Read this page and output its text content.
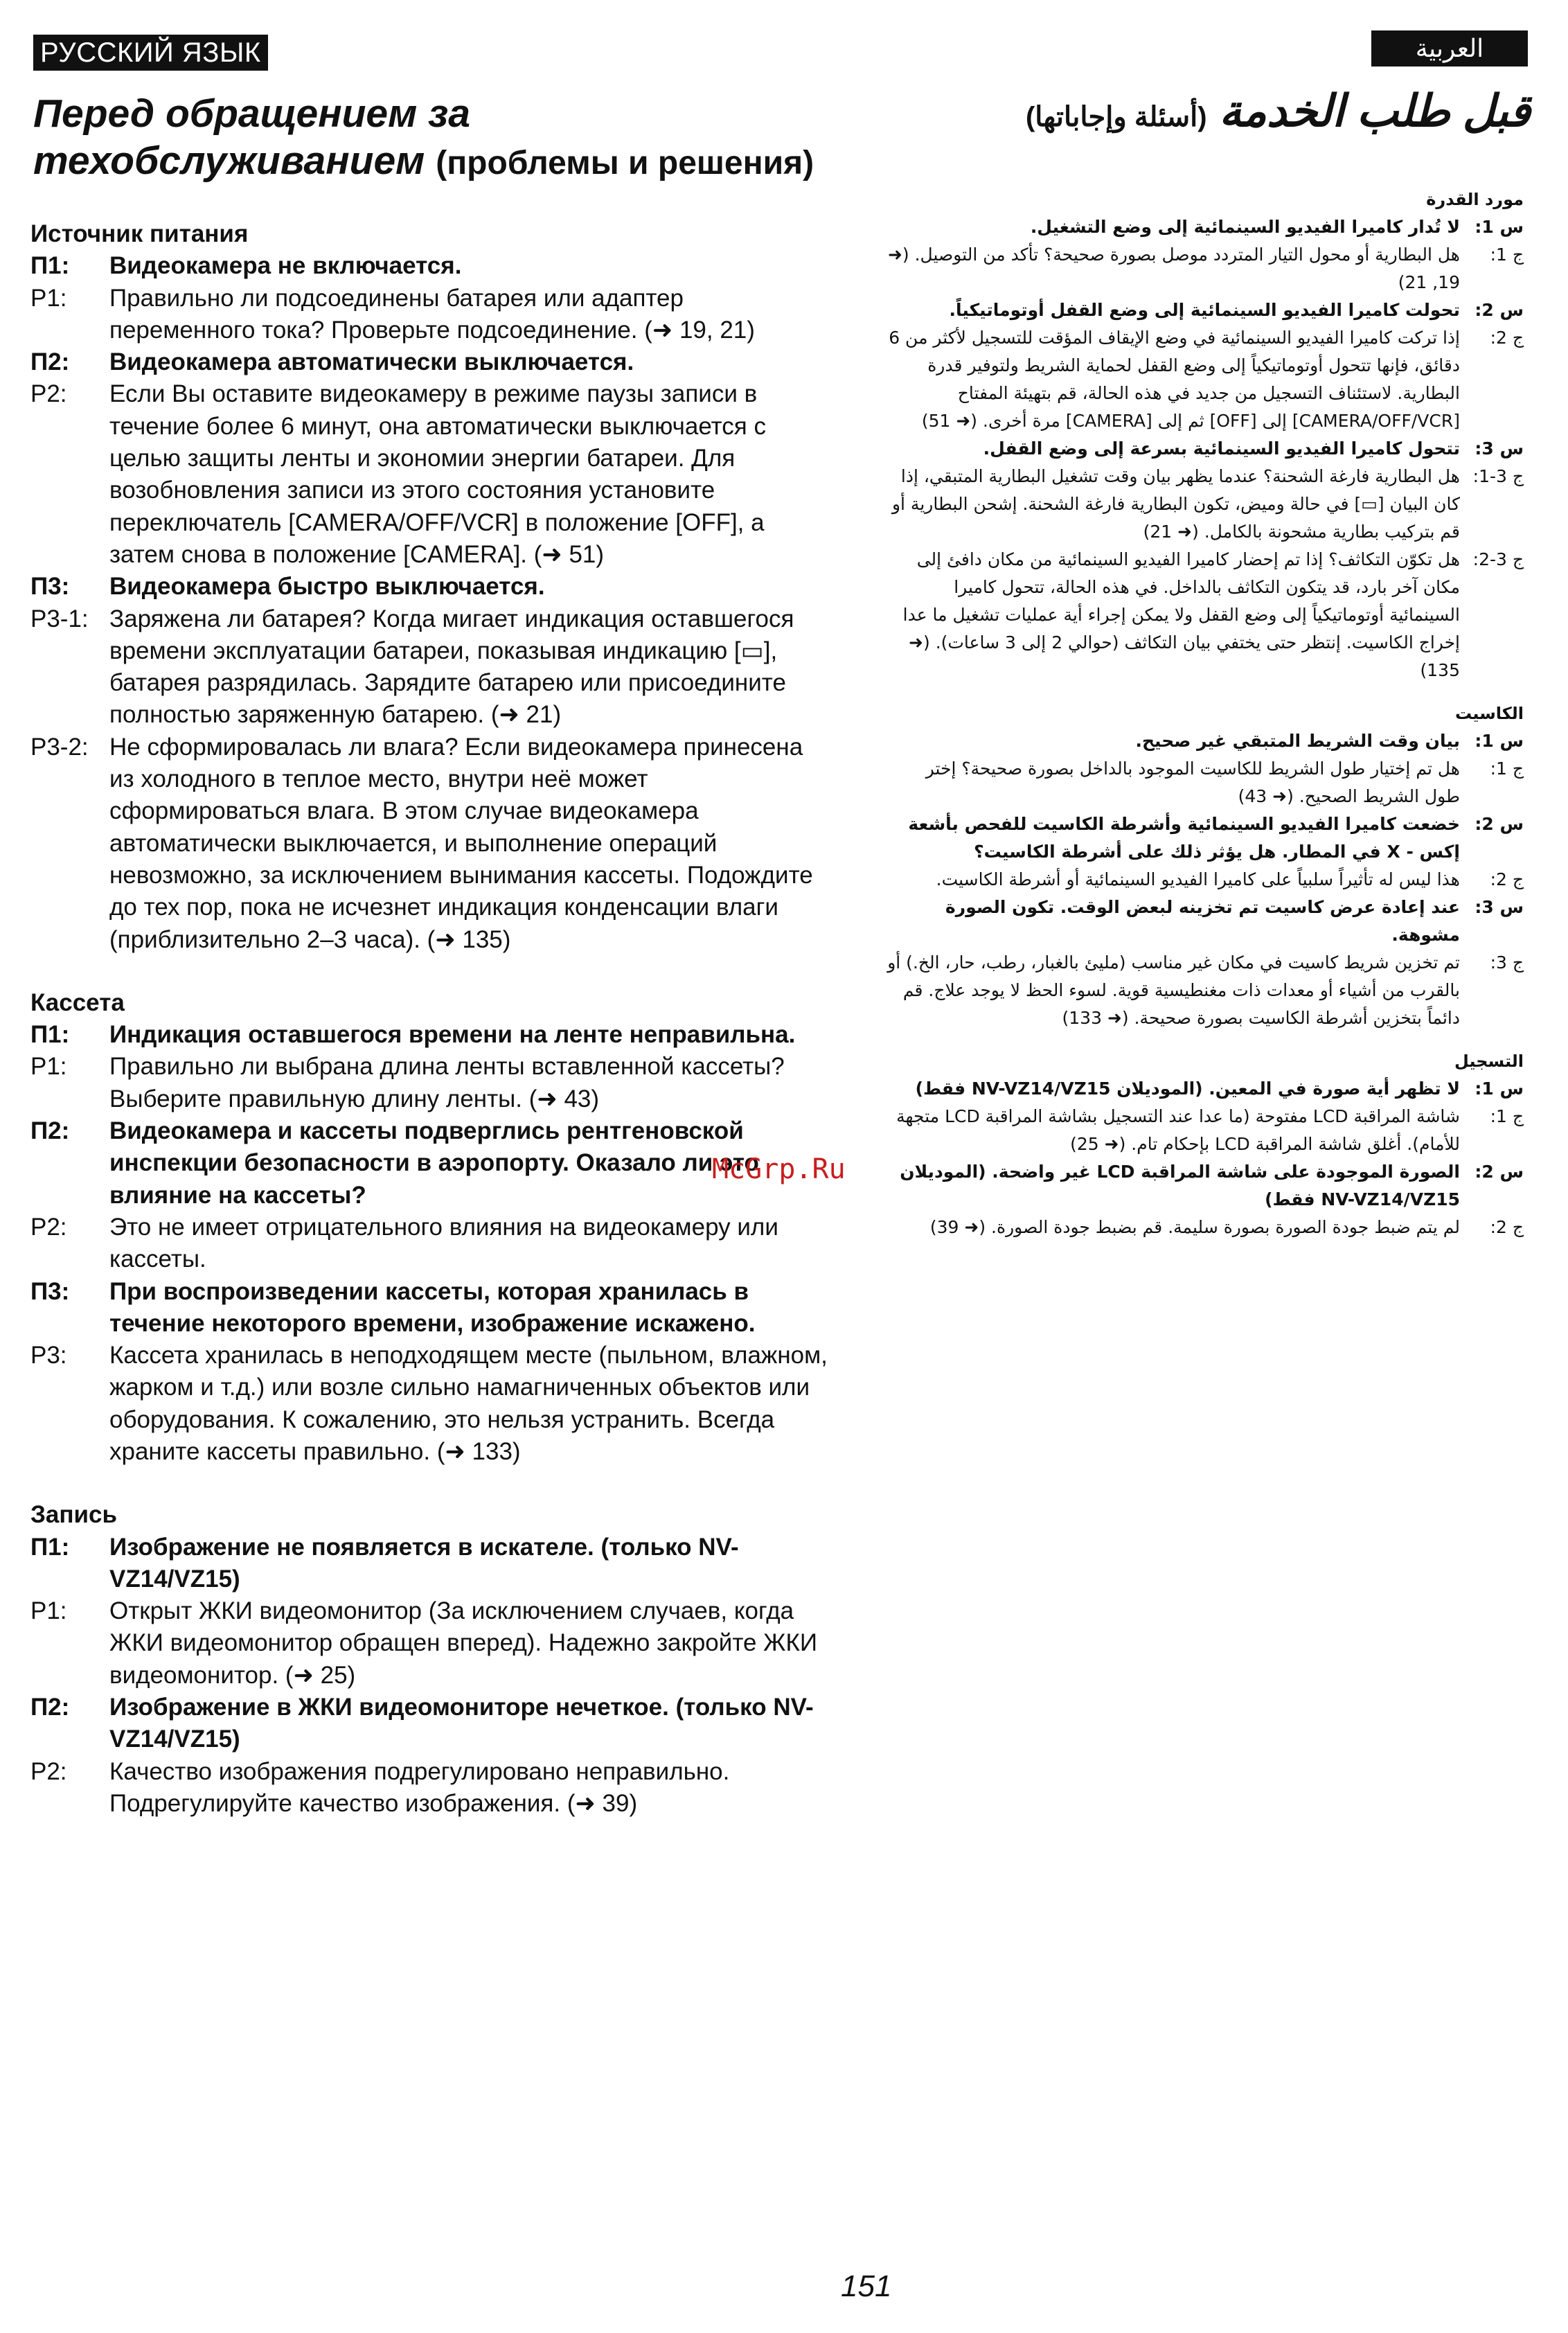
РУССКИЙ ЯЗЫК	العربية
Перед обращением за
техобслуживанием (проблемы и решения)
Источник питания
П1:	Видеокамера не включается.
P1:	Правильно ли подсоединены батарея или адаптер переменного тока? Проверьте подсоединение. (➜ 19, 21)
П2:	Видеокамера автоматически выключается.
P2:	Если Вы оставите видеокамеру в режиме паузы записи в течение более 6 минут, она автоматически выключается с целью защиты ленты и экономии энергии батареи. Для возобновления записи из этого состояния установите переключатель [CAMERA/OFF/VCR] в положение [OFF], а затем снова в положение [CAMERA]. (➜ 51)
П3:	Видеокамера быстро выключается.
P3-1: Заряжена ли батарея? Когда мигает индикация оставшегося времени эксплуатации батареи, показывая индикацию [▭], батарея разрядилась. Зарядите батарею или присоедините полностью заряженную батарею. (➜ 21)
P3-2: Не сформировалась ли влага? Если видеокамера принесена из холодного в теплое место, внутри неё может сформироваться влага. В этом случае видеокамера автоматически выключается, и выполнение операций невозможно, за исключением вынимания кассеты. Подождите до тех пор, пока не исчезнет индикация конденсации влаги (приблизительно 2–3 часа). (➜ 135)
Кассета
П1:	Индикация оставшегося времени на ленте неправильна.
P1:	Правильно ли выбрана длина ленты вставленной кассеты? Выберите правильную длину ленты. (➜ 43)
П2:	Видеокамера и кассеты подверглись рентгеновской инспекции безопасности в аэропорту. Оказало ли это влияние на кассеты?
P2:	Это не имеет отрицательного влияния на видеокамеру или кассеты.
П3:	При воспроизведении кассеты, которая хранилась в течение некоторого времени, изображение искажено.
P3:	Кассета хранилась в неподходящем месте (пыльном, влажном, жарком и т.д.) или возле сильно намагниченных объектов или оборудования. К сожалению, это нельзя устранить. Всегда храните кассеты правильно. (➜ 133)
Запись
П1:	Изображение не появляется в искателе. (только NV-VZ14/VZ15)
P1:	Открыт ЖКИ видеомонитор (За исключением случаев, когда ЖКИ видеомонитор обращен вперед). Надежно закройте ЖКИ видеомонитор. (➜ 25)
П2:	Изображение в ЖКИ видеомониторе нечеткое. (только NV-VZ14/VZ15)
P2:	Качество изображения подрегулировано неправильно. Подрегулируйте качество изображения. (➜ 39)
McGrp.Ru
قبل طلب الخدمة (أسئلة وإجاباتها)
مورد القدرة
س 1:
لا تُدار كاميرا الفيديو السينمائية إلى وضع التشغيل.
ج 1:
هل البطارية أو محول التيار المتردد موصل بصورة صحيحة؟ تأكد من التوصيل. (➜ 19, 21)
س 2:
تحولت كاميرا الفيديو السينمائية إلى وضع القفل أوتوماتيكياً.
ج 2:
إذا تركت كاميرا الفيديو السينمائية في وضع الإيقاف المؤقت للتسجيل لأكثر من 6 دقائق، فإنها تتحول أوتوماتيكياً إلى وضع القفل لحماية الشريط ولتوفير قدرة البطارية. لاستئناف التسجيل من جديد في هذه الحالة، قم بتهيئة المفتاح [CAMERA/OFF/VCR] إلى [OFF] ثم إلى [CAMERA] مرة أخرى. (➜ 51)
س 3:
تتحول كاميرا الفيديو السينمائية بسرعة إلى وضع القفل.
ج 3-1:
هل البطارية فارغة الشحنة؟ عندما يظهر بيان وقت تشغيل البطارية المتبقي، إذا كان البيان [▭] في حالة وميض، تكون البطارية فارغة الشحنة. إشحن البطارية أو قم بتركيب بطارية مشحونة بالكامل. (➜ 21)
ج 3-2:
هل تكوّن التكاثف؟ إذا تم إحضار كاميرا الفيديو السينمائية من مكان دافئ إلى مكان آخر بارد، قد يتكون التكاثف بالداخل. في هذه الحالة، تتحول كاميرا السينمائية أوتوماتيكياً إلى وضع القفل ولا يمكن إجراء أية عمليات تشغيل ما عدا إخراج الكاسيت. إنتظر حتى يختفي بيان التكاثف (حوالي 2 إلى 3 ساعات). (➜ 135)
الكاسيت
س 1:
بيان وقت الشريط المتبقي غير صحيح.
ج 1:
هل تم إختيار طول الشريط للكاسيت الموجود بالداخل بصورة صحيحة؟ إختر طول الشريط الصحيح. (➜ 43)
س 2:
خضعت كاميرا الفيديو السينمائية وأشرطة الكاسيت للفحص بأشعة إكس - X في المطار. هل يؤثر ذلك على أشرطة الكاسيت؟
ج 2:
هذا ليس له تأثيراً سلبياً على كاميرا الفيديو السينمائية أو أشرطة الكاسيت.
س 3:
عند إعادة عرض كاسيت تم تخزينه لبعض الوقت. تكون الصورة مشوهة.
ج 3:
تم تخزين شريط كاسيت في مكان غير مناسب (مليئ بالغبار، رطب، حار، الخ.) أو بالقرب من أشياء أو معدات ذات مغنطيسية قوية. لسوء الحظ لا يوجد علاج. قم دائماً بتخزين أشرطة الكاسيت بصورة صحيحة. (➜ 133)
التسجيل
س 1:
لا تظهر أية صورة في المعين. (الموديلان NV-VZ14/VZ15 فقط)
ج 1:
شاشة المراقبة LCD مفتوحة (ما عدا عند التسجيل بشاشة المراقبة LCD متجهة للأمام). أغلق شاشة المراقبة LCD بإحكام تام. (➜ 25)
س 2:
الصورة الموجودة على شاشة المراقبة LCD غير واضحة. (الموديلان NV-VZ14/VZ15 فقط)
ج 2:
لم يتم ضبط جودة الصورة بصورة سليمة. قم بضبط جودة الصورة. (➜ 39)
151
